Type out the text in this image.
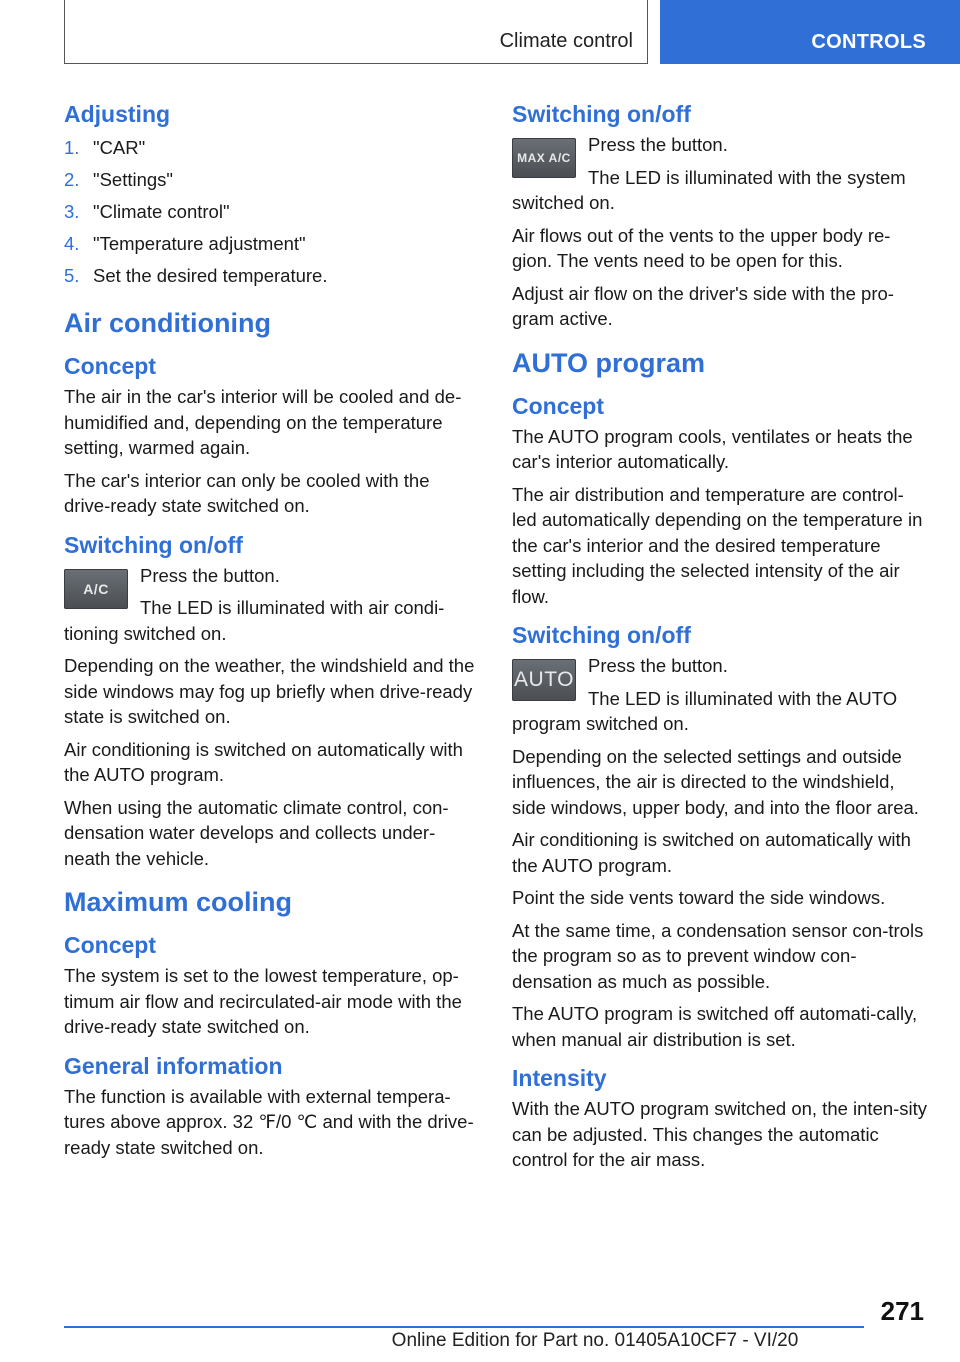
Climate control	CONTROLS
Adjusting
1. "CAR"
2. "Settings"
3. "Climate control"
4. "Temperature adjustment"
5. Set the desired temperature.
Air conditioning
Concept

The air in the car's interior will be cooled and de-humidified and, depending on the temperature setting, warmed again.

The car's interior can only be cooled with the drive-ready state switched on.

Switching on/off
A/C

Press the button.

The LED is illuminated with air condi-tioning switched on.

Depending on the weather, the windshield and the side windows may fog up briefly when drive-ready state is switched on.

Air conditioning is switched on automatically with the AUTO program.

When using the automatic climate control, con-densation water develops and collects under-neath the vehicle.

Maximum cooling
Concept

The system is set to the lowest temperature, op-timum air flow and recirculated-air mode with the drive-ready state switched on.

General information

The function is available with external tempera-tures above approx. 32 ℉/0 ℃ and with the drive-ready state switched on.

Switching on/off
MAX A/C

Press the button.

The LED is illuminated with the system switched on.

Air flows out of the vents to the upper body re-gion. The vents need to be open for this.

Adjust air flow on the driver's side with the pro-gram active.

AUTO program
Concept

The AUTO program cools, ventilates or heats the car's interior automatically.

The air distribution and temperature are control-led automatically depending on the temperature in the car's interior and the desired temperature setting including the selected intensity of the air flow.

Switching on/off
AUTO

Press the button.

The LED is illuminated with the AUTO program switched on.

Depending on the selected settings and outside influences, the air is directed to the windshield, side windows, upper body, and into the floor area.

Air conditioning is switched on automatically with the AUTO program.

Point the side vents toward the side windows.

At the same time, a condensation sensor con-trols the program so as to prevent window con-densation as much as possible.

The AUTO program is switched off automati-cally, when manual air distribution is set.

Intensity

With the AUTO program switched on, the inten-sity can be adjusted. This changes the automatic control for the air mass.

271
Online Edition for Part no. 01405A10CF7 - VI/20
